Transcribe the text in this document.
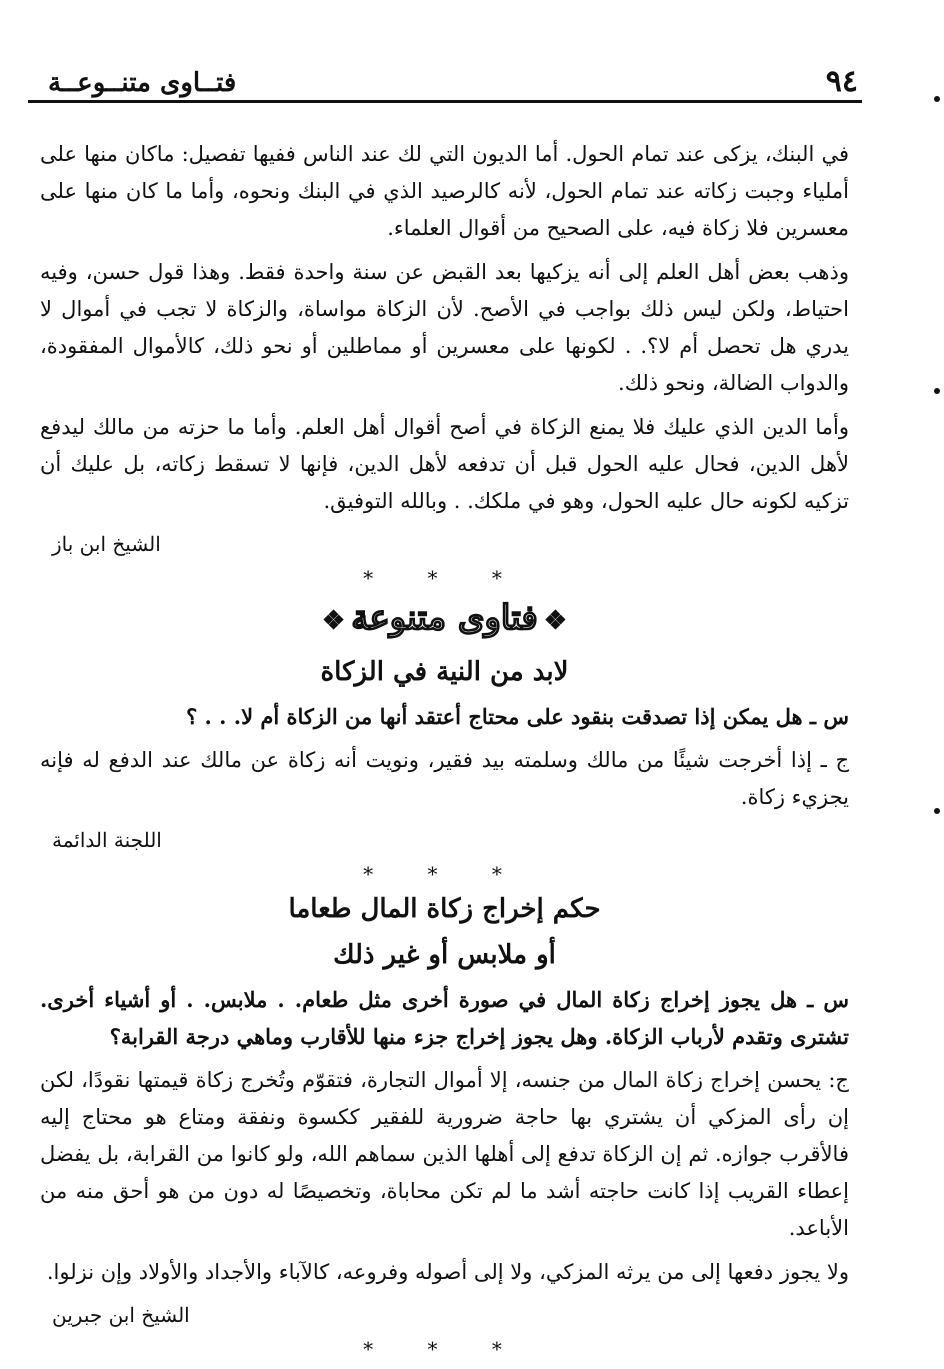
٩٤
فتــاوى متنــوعــة

في البنك، يزكى عند تمام الحول. أما الديون التي لك عند الناس ففيها تفصيل: ماكان منها على أملياء وجبت زكاته عند تمام الحول، لأنه كالرصيد الذي في البنك ونحوه، وأما ما كان منها على معسرين فلا زكاة فيه، على الصحيح من أقوال العلماء.

وذهب بعض أهل العلم إلى أنه يزكيها بعد القبض عن سنة واحدة فقط. وهذا قول حسن، وفيه احتياط، ولكن ليس ذلك بواجب في الأصح. لأن الزكاة مواساة، والزكاة لا تجب في أموال لا يدري هل تحصل أم لا؟. . لكونها على معسرين أو مماطلين أو نحو ذلك، كالأموال المفقودة، والدواب الضالة، ونحو ذلك.

وأما الدين الذي عليك فلا يمنع الزكاة في أصح أقوال أهل العلم. وأما ما حزته من مالك ليدفع لأهل الدين، فحال عليه الحول قبل أن تدفعه لأهل الدين، فإنها لا تسقط زكاته، بل عليك أن تزكيه لكونه حال عليه الحول، وهو في ملكك. . وبالله التوفيق.

الشيخ ابن باز
* * *
❖فتاوى متنوعة❖
لابد من النية في الزكاة

س ـ هل يمكن إذا تصدقت بنقود على محتاج أعتقد أنها من الزكاة أم لا. . . ؟

ج ـ إذا أخرجت شيئًا من مالك وسلمته بيد فقير، ونويت أنه زكاة عن مالك عند الدفع له فإنه يجزيء زكاة.

اللجنة الدائمة
* * *
حكم إخراج زكاة المال طعاما
أو ملابس أو غير ذلك

س ـ هل يجوز إخراج زكاة المال في صورة أخرى مثل طعام. . ملابس. . أو أشياء أخرى. تشترى وتقدم لأرباب الزكاة. وهل يجوز إخراج جزء منها للأقارب وماهي درجة القرابة؟

ج: يحسن إخراج زكاة المال من جنسه، إلا أموال التجارة، فتقوّم وتُخرج زكاة قيمتها نقودًا، لكن إن رأى المزكي أن يشتري بها حاجة ضرورية للفقير ككسوة ونفقة ومتاع هو محتاج إليه فالأقرب جوازه. ثم إن الزكاة تدفع إلى أهلها الذين سماهم الله، ولو كانوا من القرابة، بل يفضل إعطاء القريب إذا كانت حاجته أشد ما لم تكن محاباة، وتخصيصًا له دون من هو أحق منه من الأباعد.

ولا يجوز دفعها إلى من يرثه المزكي، ولا إلى أصوله وفروعه، كالآباء والأجداد والأولاد وإن نزلوا.

الشيخ ابن جبرين
* * *
